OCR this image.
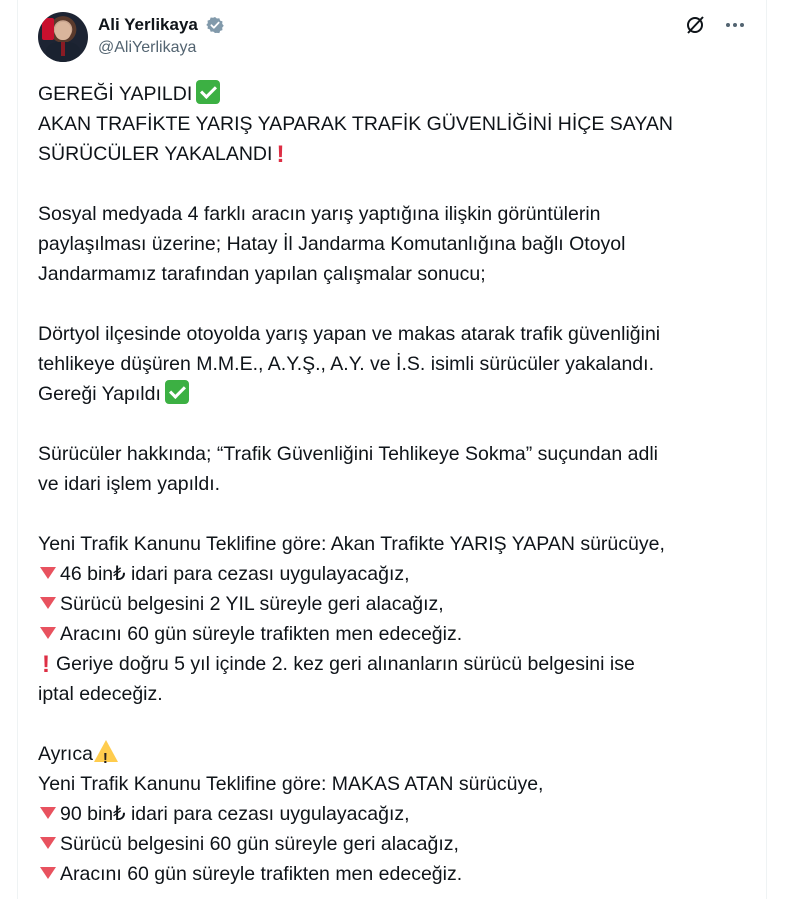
Ali Yerlikaya
@AliYerlikaya
GEREĞİ YAPILDI
AKAN TRAFİKTE YARIŞ YAPARAK TRAFİK GÜVENLİĞİNİ HİÇE SAYAN
SÜRÜCÜLER YAKALANDI !
Sosyal medyada 4 farklı aracın yarış yaptığına ilişkin görüntülerin
paylaşılması üzerine; Hatay İl Jandarma Komutanlığına bağlı Otoyol
Jandarmamız tarafından yapılan çalışmalar sonucu;
Dörtyol ilçesinde otoyolda yarış yapan ve makas atarak trafik güvenliğini
tehlikeye düşüren M.M.E., A.Y.Ş., A.Y. ve İ.S. isimli sürücüler yakalandı.
Gereği Yapıldı
Sürücüler hakkında; “Trafik Güvenliğini Tehlikeye Sokma” suçundan adli
ve idari işlem yapıldı.
Yeni Trafik Kanunu Teklifine göre: Akan Trafikte YARIŞ YAPAN sürücüye,
46 bin₺ idari para cezası uygulayacağız,
Sürücü belgesini 2 YIL süreyle geri alacağız,
Aracını 60 gün süreyle trafikten men edeceğiz.
! Geriye doğru 5 yıl içinde 2. kez geri alınanların sürücü belgesini ise
iptal edeceğiz.
Ayrıca!
Yeni Trafik Kanunu Teklifine göre: MAKAS ATAN sürücüye,
90 bin₺ idari para cezası uygulayacağız,
Sürücü belgesini 60 gün süreyle geri alacağız,
Aracını 60 gün süreyle trafikten men edeceğiz.
